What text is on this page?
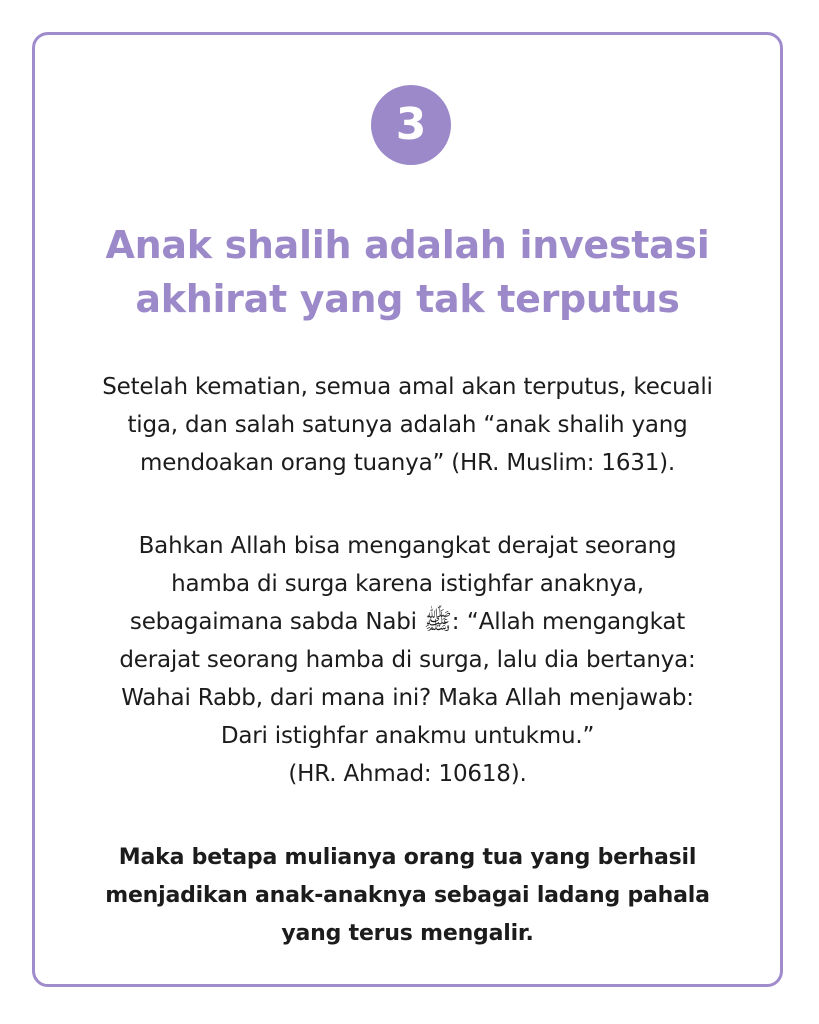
3
Anak shalih adalah investasi
akhirat yang tak terputus

Setelah kematian, semua amal akan terputus, kecuali
tiga, dan salah satunya adalah “anak shalih yang
mendoakan orang tuanya” (HR. Muslim: 1631).

Bahkan Allah bisa mengangkat derajat seorang
hamba di surga karena istighfar anaknya,
sebagaimana sabda Nabi ﷺ: “Allah mengangkat
derajat seorang hamba di surga, lalu dia bertanya:
Wahai Rabb, dari mana ini? Maka Allah menjawab:
Dari istighfar anakmu untukmu.”
(HR. Ahmad: 10618).

Maka betapa mulianya orang tua yang berhasil
menjadikan anak-anaknya sebagai ladang pahala
yang terus mengalir.
